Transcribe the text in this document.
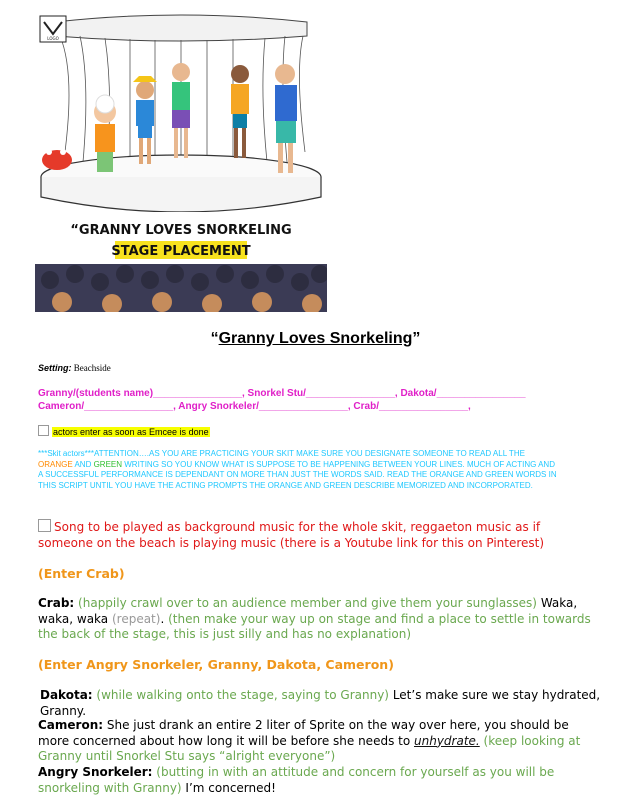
“GRANNY LOVES SNORKELING
STAGE PLACEMENT
LOGO
“Granny Loves Snorkeling”
Setting: Beachside
Granny/(students name)________________, Snorkel Stu/________________, Dakota/________________ Cameron/________________, Angry Snorkeler/________________, Crab/________________,
actors enter as soon as Emcee is done
***Skit actors***ATTENTION….AS YOU ARE PRACTICING YOUR SKIT MAKE SURE YOU DESIGNATE SOMEONE TO READ ALL THE ORANGE AND GREEN WRITING SO YOU KNOW WHAT IS SUPPOSE TO BE HAPPENING BETWEEN YOUR LINES. MUCH OF ACTING AND A SUCCESSFUL PERFORMANCE IS DEPENDANT ON MORE THAN JUST THE WORDS SAID. READ THE ORANGE AND GREEN WORDS IN THIS SCRIPT UNTIL YOU HAVE THE ACTING PROMPTS THE ORANGE AND GREEN DESCRIBE MEMORIZED AND INCORPORATED.
Song to be played as background music for the whole skit, reggaeton music as if someone on the beach is playing music (there is a Youtube link for this on Pinterest)
(Enter Crab)
Crab: (happily crawl over to an audience member and give them your sunglasses) Waka, waka, waka (repeat). (then make your way up on stage and find a place to settle in towards the back of the stage, this is just silly and has no explanation)
(Enter Angry Snorkeler, Granny, Dakota, Cameron)
Dakota: (while walking onto the stage, saying to Granny) Let’s make sure we stay hydrated, Granny.
Cameron: She just drank an entire 2 liter of Sprite on the way over here, you should be more concerned about how long it will be before she needs to unhydrate. (keep looking at Granny until Snorkel Stu says “alright everyone”)
Angry Snorkeler: (butting in with an attitude and concern for yourself as you will be snorkeling with Granny) I’m concerned!
